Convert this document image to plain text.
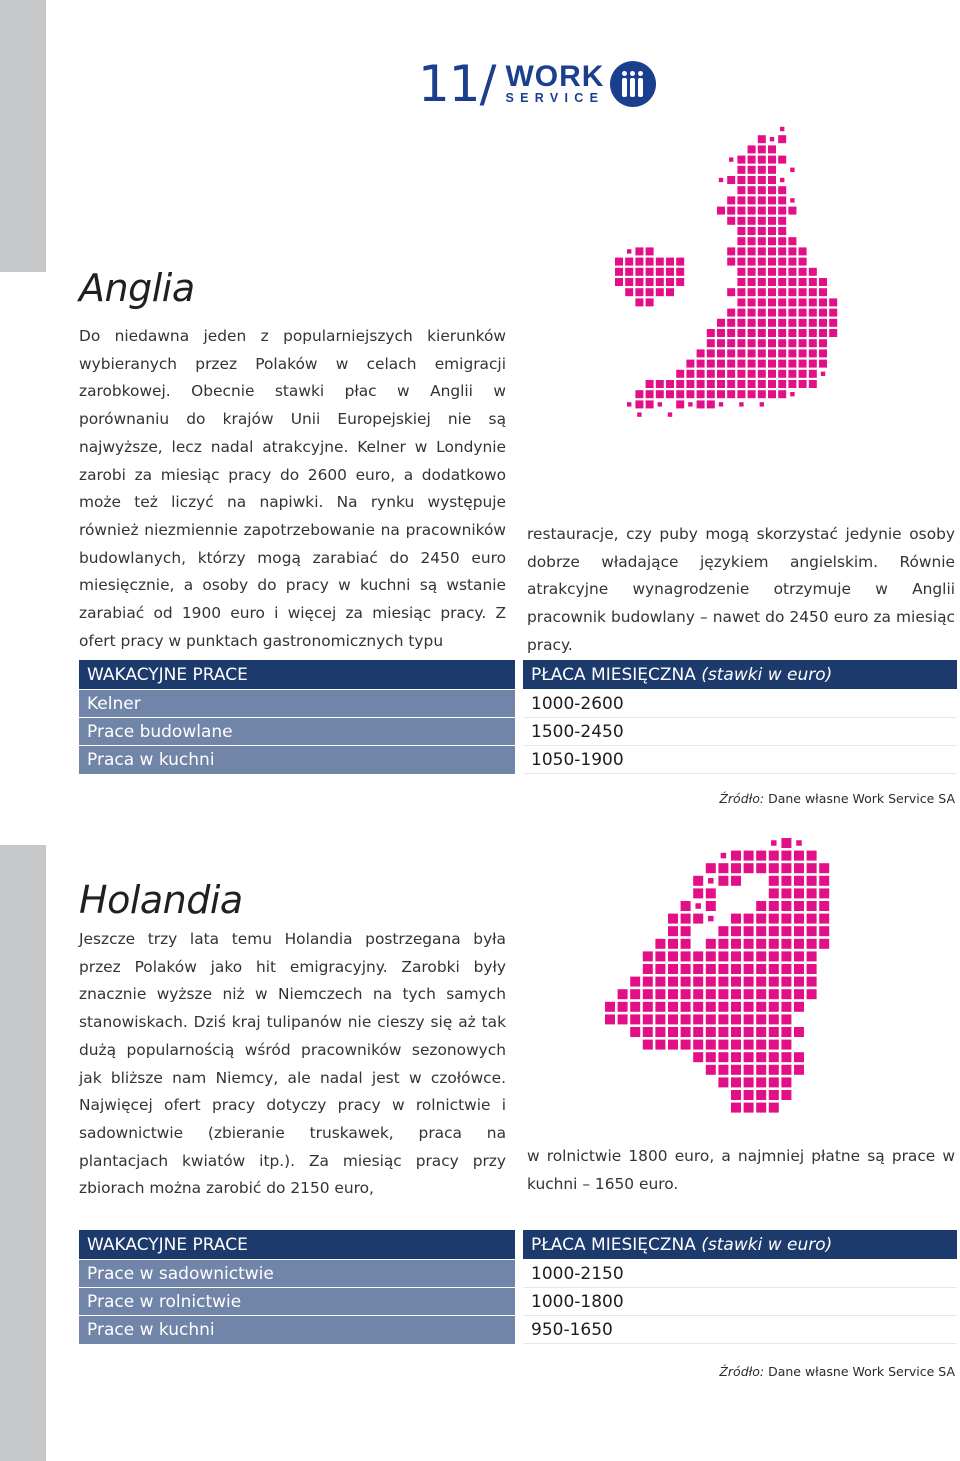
11/ WORK
SERVICE
Anglia

Do niedawna jeden z popularniejszych kierunków wybieranych przez Polaków w celach emigracji zarobkowej. Obecnie stawki płac w Anglii w porównaniu do krajów Unii Europejskiej nie są najwyższe, lecz nadal atrakcyjne. Kelner w Londynie zarobi za miesiąc pracy do 2600 euro, a dodatkowo może też liczyć na napiwki. Na rynku występuje również niezmiennie zapotrzebowanie na pracowników budowlanych, którzy mogą zarabiać do 2450 euro miesięcznie, a osoby do pracy w kuchni są wstanie zarabiać od 1900 euro i więcej za miesiąc pracy. Z ofert pracy w punktach gastronomicznych typu

restauracje, czy puby mogą skorzystać jedynie osoby dobrze władające językiem angielskim. Równie atrakcyjne wynagrodzenie otrzymuje w Anglii pracownik budowlany – nawet do 2450 euro za miesiąc pracy.

WAKACYJNE PRACE		PŁACA MIESIĘCZNA (stawki w euro)
Kelner		1000-2600
Prace budowlane		1500-2450
Praca w kuchni		1050-1900

Źródło: Dane własne Work Service SA

Holandia

Jeszcze trzy lata temu Holandia postrzegana była przez Polaków jako hit emigracyjny. Zarobki były znacznie wyższe niż w Niemczech na tych samych stanowiskach. Dziś kraj tulipanów nie cieszy się aż tak dużą popularnością wśród pracowników sezonowych jak bliższe nam Niemcy, ale nadal jest w czołówce. Najwięcej ofert pracy dotyczy pracy w rolnictwie i sadownictwie (zbieranie truskawek, praca na plantacjach kwiatów itp.). Za miesiąc pracy przy zbiorach można zarobić do 2150 euro,

w rolnictwie 1800 euro, a najmniej płatne są prace w kuchni – 1650 euro.

WAKACYJNE PRACE		PŁACA MIESIĘCZNA (stawki w euro)
Prace w sadownictwie		1000-2150
Prace w rolnictwie		1000-1800
Prace w kuchni		950-1650

Źródło: Dane własne Work Service SA
